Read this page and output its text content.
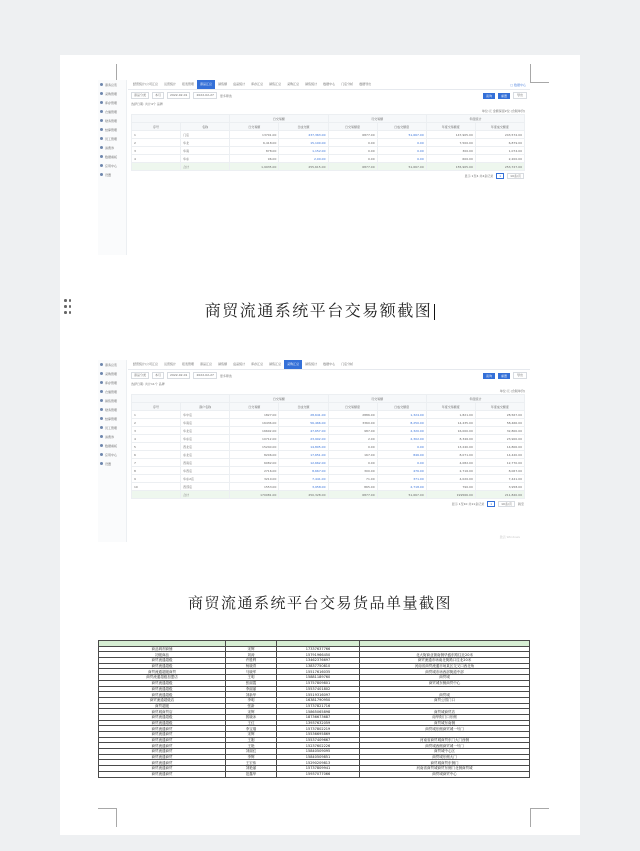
商务总览
采购管理
库存管理
仓储管理
财务管理
结算管理
员工管理
消费券
数据看板
应用中心
设置
经营统计/公司汇总	运营统计	报表管理	商品汇总	销售额	货品统计	库存汇总	销售汇总	采购汇总	销售统计	数据中心	门店分析	数据导出	□ 数据中心
商品分类	本月	2022-02-01	2022-02-27	更多筛选	查询	重置	导出
选择日期: 共计4个 品牌
单位:元 金额保留2位 (含税单价)
		日交易额		月交易额		年度统计	
序号	名称	日交易额	日成交额	日交易额度	日成交额度	年度交易额度	年度成交额度
1	门店	13701.00	237,363.00	6877.00	51,667.00	147,905.00	243,574.00
2	华北	6,418.00	15,100.00	0.00	0.00	7,500.00	6,879.00
3	华南	878.00	1,152.00	0.00	0.00	300.00	1,074.00
4	华东	96.00	2,00.00	0.00	0.00	600.00	2,200.00
	合计	1,9935.00	255,615.00	6877.00	51,667.00	155,905.00	253,727.00
显示 1至4 共4条记录	1	10条/页
商贸流通系统平台交易额截图
商务总览
采购管理
库存管理
仓储管理
销售管理
财务管理
结算管理
员工管理
消费券
数据看板
应用中心
设置
经营统计/公司汇总	运营统计	报表管理	商品汇总	销售额	货品统计	库存汇总	销售汇总	采购汇总	销售统计	数据中心	门店分析
商品分类	本月	2022-02-01	2022-02-27	更多筛选	查询	重置	导出
选择日期: 共计11个 品牌
单位:元 (含税单价)
		日交易额		月交易额		年度统计	
序号	商户名称	日交易额	日成交额	日交易额度	日成交额度	年度交易额度	年度成交额度
1	华中店	1827.00	28,641.00	2886.00	1,324.00	1,821.00	28,567.00
2	华南店	16436.00	56,466.00	3360.00	8,250.00	14,435.00	58,466.00
3	华北店	16602.00	47,657.00	987.00	2,320.00	16,000.00	32,800.00
4	华东店	10712.00	23,902.00	2.00	2,302.00	8,346.00	23,900.00
5	西北店	15240.00	14,805.00	0.00	0.00	13,240.00	14,806.00
6	东北店	8206.00	17,651.00	167.00	846.00	8,071.00	14,420.00
7	西南店	6082.00	12,662.00	0.00	0.00	4,082.00	12,770.00
8	华西店	2716.00	8,667.00	300.00	476.00	2,716.00	8,067.00
9	华东2店	3210.00	7,441.00	71.00	371.00	4,020.00	7,441.00
10	西部店	1553.00	3,958.00	865.00	2,718.00	790.00	3,958.00
	合计	170081.00	250,328.00	6877.00	51,667.00	199566.00	211,820.00
显示 1至10 共11条记录	1	10条/页	跳至
激活 Windows
商贸流通系统平台交易货品单量截图

商品调剂商铺	宋辉	17337637766	
初级商品	刘涛	15791966450	北大街商业街南侧华盛东路往北20米
商贸流通超级	许胜利	13462376697	商贸流通市场南北街路口往北20米
商贸流通超级	杨晓青	13837750810	河南省商贸流通市场某区交叉口西北角
商贸流通超级商贸	马晓军	15517616035	商贸城市场西部街道中部
商贸流通超级加盟店	王明	15881189760	商贸城
商贸流通超级	张丽霞	15757809801	商贸城东侧商贸中心
商贸流通超级	李丽丽	15537401802	
商贸流通超级	刘新华	15519316097	商贸城
商贸流通超级店	李明	16381790950	商贸公园门口
商贸超级	张新	15737821716	
商贸城商贸店	宋辉	15865065898	商贸城商贸店
商贸流通超级	郭晓冰	18736673687	南华街门口东侧
商贸流通超级	王红	13937632059	商贸城东南侧
商贸流通商贸	李宝瑞	15737802219	商贸城东侧商贸城一号门
商贸流通商贸	宋辉	15536695869	
商贸流通商贸	王刚	15537409667	河南省商贸城商贸东门大门西侧
商贸流通商贸	王艳	15237602226	商贸城西侧商贸城一号门
商贸流通商贸	刘丽红	15840509095	商贸城中心区
商贸流通商贸	李辉	15840509851	商贸城东侧大门
商贸流通商贸	王宏伟	15290209813	商贸城商贸东侧门
商贸流通商贸	刘艳丽	15737809941	河南省商贸城商贸东侧门北侧商贸城
商贸流通商贸	范鑫华	15937077066	商贸城商贸中心
